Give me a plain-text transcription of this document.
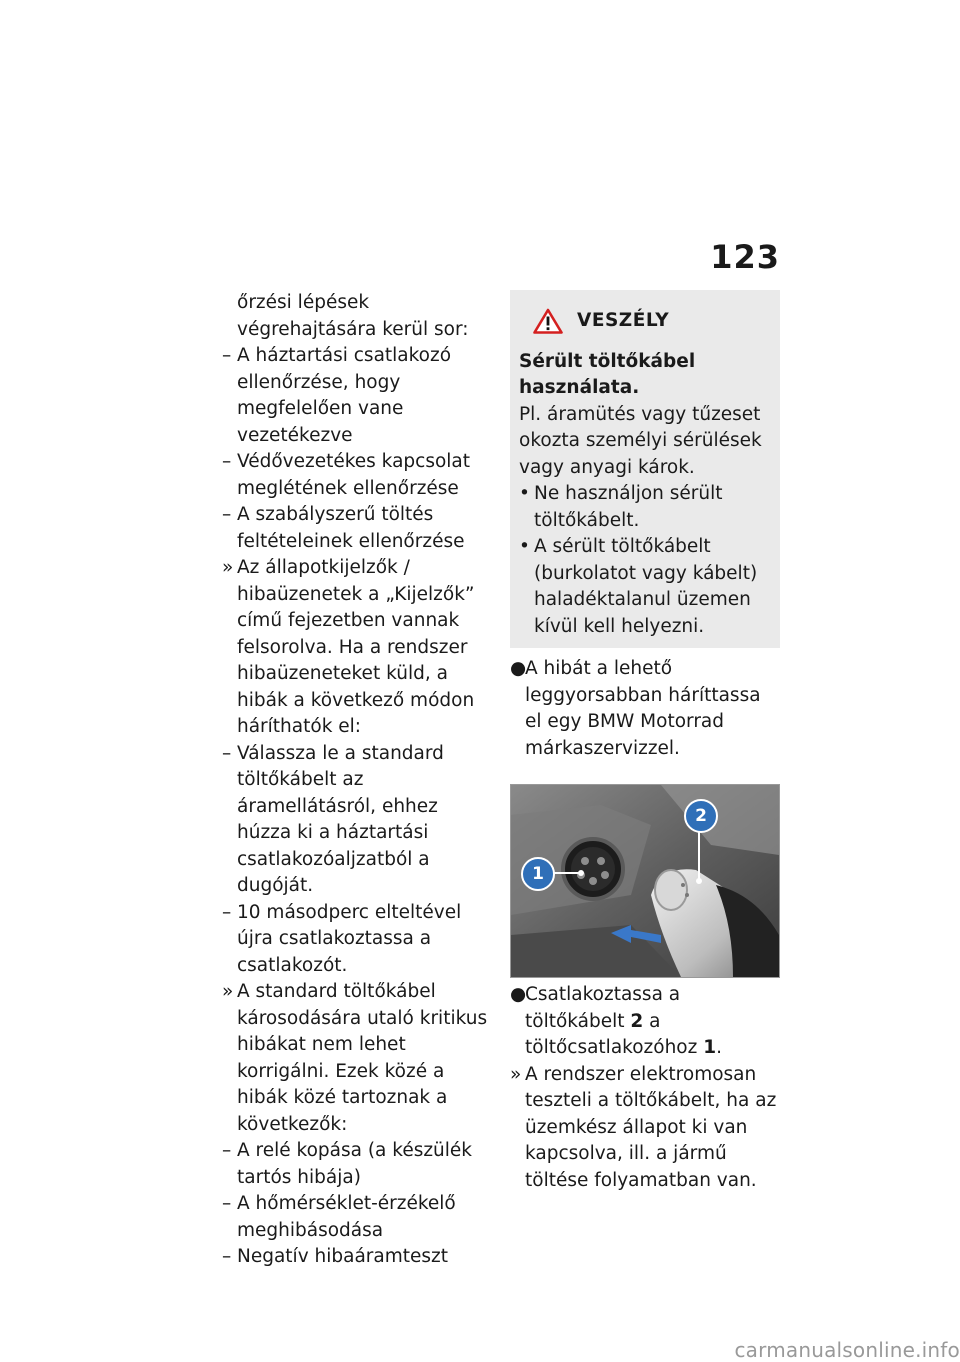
123
őrzési lépések végrehajtására kerül sor:
– A háztartási csatlakozó ellenőrzése, hogy megfelelően vane vezetékezve
– Védővezetékes kapcsolat meglétének ellenőrzése
– A szabályszerű töltés feltételeinek ellenőrzése
» Az állapotkijelzők / hibaüzenetek a „Kijelzők” című fejezetben vannak felsorolva. Ha a rendszer hibaüzeneteket küld, a hibák a következő módon háríthatók el:
– Válassza le a standard töltőkábelt az áramellátásról, ehhez húzza ki a háztartási csatlakozóaljzatból a dugóját.
– 10 másodperc elteltével újra csatlakoztassa a csatlakozót.
» A standard töltőkábel károsodására utaló kritikus hibákat nem lehet korrigálni. Ezek közé a hibák közé tartoznak a következők:
– A relé kopása (a készülék tartós hibája)
– A hőmérséklet-érzékelő meghibásodása
– Negatív hibaáramteszt
VESZÉLY
Sérült töltőkábel használata.
Pl. áramütés vagy tűzeset okozta személyi sérülések vagy anyagi károk.
• Ne használjon sérült töltőkábelt.
• A sérült töltőkábelt (burkolatot vagy kábelt) haladéktalanul üzemen kívül kell helyezni.
●
A hibát a lehető leggyorsabban háríttassa el egy BMW Motorrad márkaszervizzel.
1
2
●
Csatlakoztassa a töltőkábelt 2 a töltőcsatlakozóhoz 1.
» A rendszer elektromosan teszteli a töltőkábelt, ha az üzemkész állapot ki van kapcsolva, ill. a jármű töltése folyamatban van.
carmanualsonline.info
